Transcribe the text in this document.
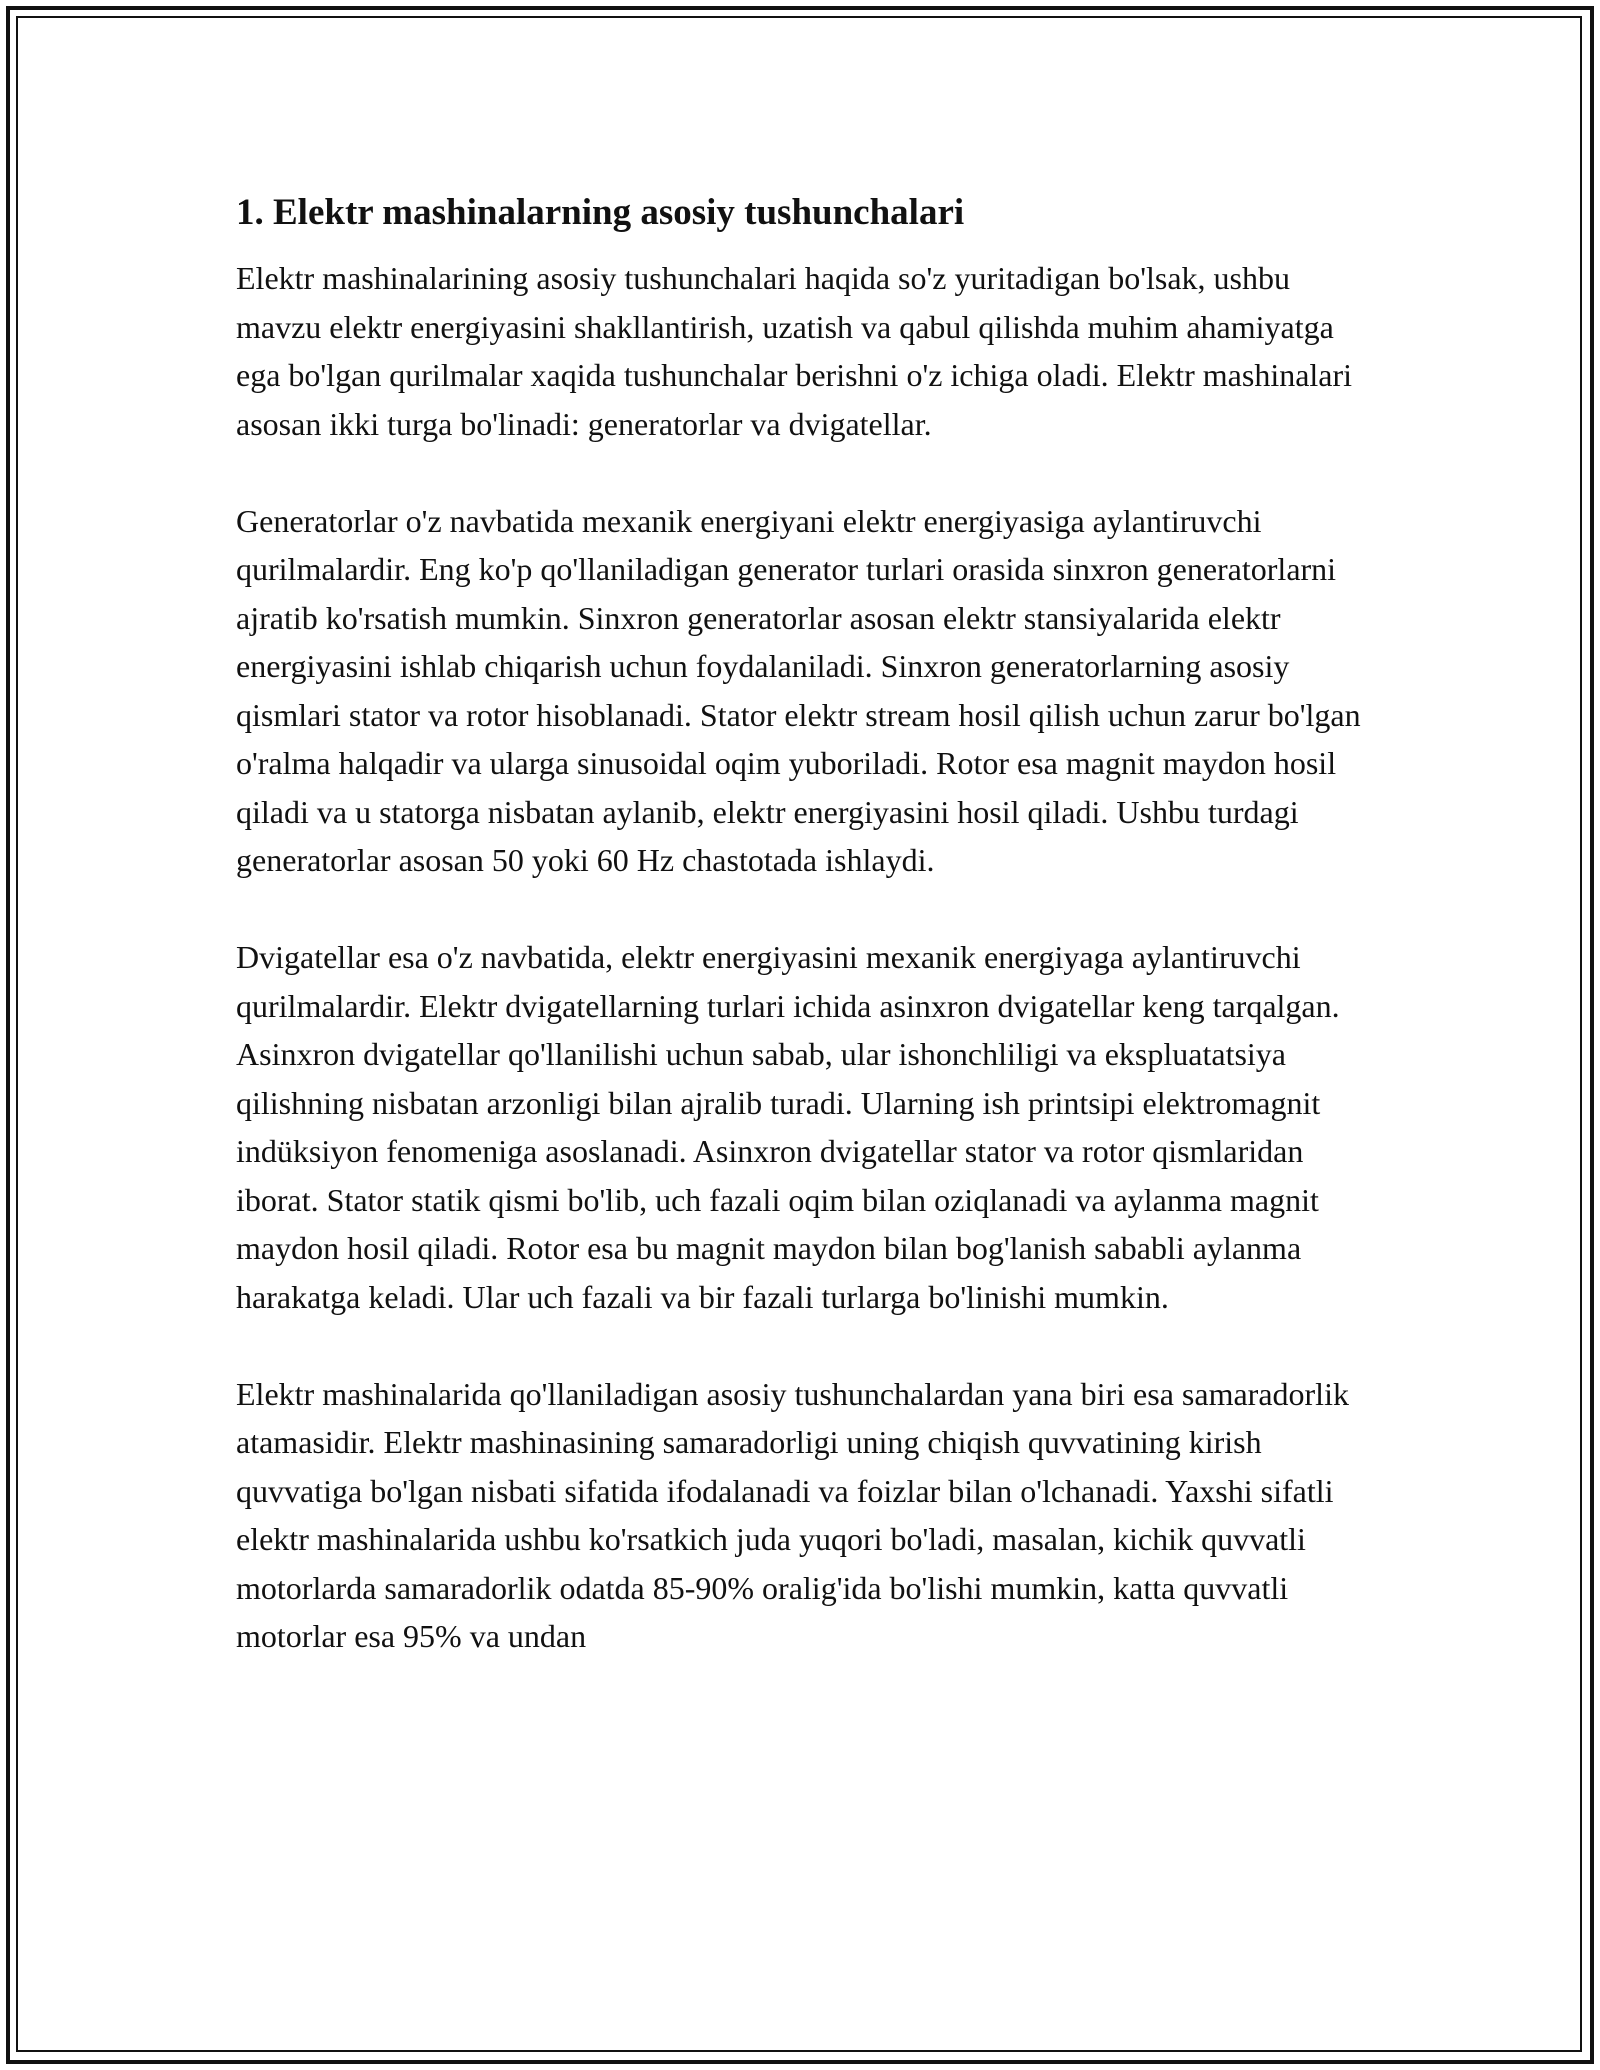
1. Elektr mashinalarning asosiy tushunchalari

Elektr mashinalarining asosiy tushunchalari haqida so'z yuritadigan bo'lsak, ushbu mavzu elektr energiyasini shakllantirish, uzatish va qabul qilishda muhim ahamiyatga ega bo'lgan qurilmalar xaqida tushunchalar berishni o'z ichiga oladi. Elektr mashinalari asosan ikki turga bo'linadi: generatorlar va dvigatellar.

Generatorlar o'z navbatida mexanik energiyani elektr energiyasiga aylantiruvchi qurilmalardir. Eng ko'p qo'llaniladigan generator turlari orasida sinxron generatorlarni ajratib ko'rsatish mumkin. Sinxron generatorlar asosan elektr stansiyalarida elektr energiyasini ishlab chiqarish uchun foydalaniladi. Sinxron generatorlarning asosiy qismlari stator va rotor hisoblanadi. Stator elektr stream hosil qilish uchun zarur bo'lgan o'ralma halqadir va ularga sinusoidal oqim yuboriladi. Rotor esa magnit maydon hosil qiladi va u statorga nisbatan aylanib, elektr energiyasini hosil qiladi. Ushbu turdagi generatorlar asosan 50 yoki 60 Hz chastotada ishlaydi.

Dvigatellar esa o'z navbatida, elektr energiyasini mexanik energiyaga aylantiruvchi qurilmalardir. Elektr dvigatellarning turlari ichida asinxron dvigatellar keng tarqalgan. Asinxron dvigatellar qo'llanilishi uchun sabab, ular ishonchliligi va ekspluatatsiya qilishning nisbatan arzonligi bilan ajralib turadi. Ularning ish printsipi elektromagnit indüksiyon fenomeniga asoslanadi. Asinxron dvigatellar stator va rotor qismlaridan iborat. Stator statik qismi bo'lib, uch fazali oqim bilan oziqlanadi va aylanma magnit maydon hosil qiladi. Rotor esa bu magnit maydon bilan bog'lanish sababli aylanma harakatga keladi. Ular uch fazali va bir fazali turlarga bo'linishi mumkin.

Elektr mashinalarida qo'llaniladigan asosiy tushunchalardan yana biri esa samaradorlik atamasidir. Elektr mashinasining samaradorligi uning chiqish quvvatining kirish quvvatiga bo'lgan nisbati sifatida ifodalanadi va foizlar bilan o'lchanadi. Yaxshi sifatli elektr mashinalarida ushbu ko'rsatkich juda yuqori bo'ladi, masalan, kichik quvvatli motorlarda samaradorlik odatda 85-90% oralig'ida bo'lishi mumkin, katta quvvatli motorlar esa 95% va undan
